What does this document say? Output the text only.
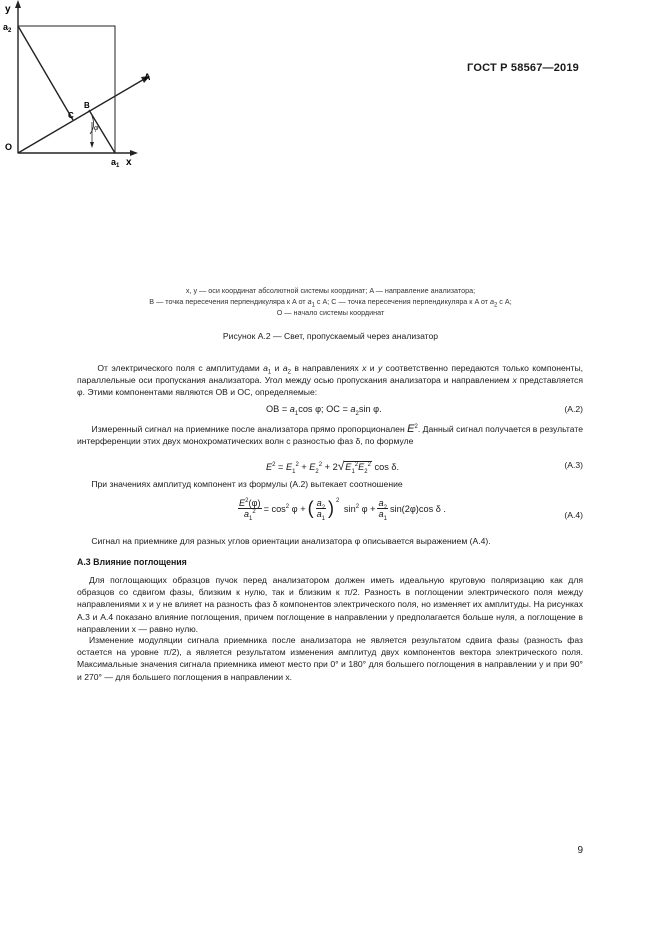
ГОСТ Р 58567—2019
y
$a_2$
A
B
C
φ
O
$a_1$ x
x, y — оси координат абсолютной системы координат; A — направление анализатора;
B — точка пересечения перпендикуляра к A от $a_1$ с A; C — точка пересечения перпендикуляра к A от $a_2$ с A;
O — начало системы координат
Рисунок А.2 — Свет, пропускаемый через анализатор
От электрического поля с амплитудами $a_1$ и $a_2$ в направлениях x и y соответственно передаются только компоненты, параллельные оси пропускания анализатора. Угол между осью пропускания анализатора и направлением x представляется φ. Этими компонентами являются OB и OC, определяемые:
OB = $a_1\cos$ φ; OC = $a_2\sin$ φ.	(A.2)
Измеренный сигнал на приемнике после анализатора прямо пропорционален $E^2$. Данный сигнал получается в результате интерференции этих двух монохроматических волн с разностью фаз δ, по формуле
$E^2 = E_1^2 + E_2^2 + 2√E_1^2E_2^2$ cos δ.	(A.3)
При значениях амплитуд компонент из формулы (А.2) вытекает соотношение
$\frac{E^2(\varphi)}{a_1^2} = \cos^2 \varphi$ + ( $\frac{a_2}{a_1}$ ) $^2$
$\sin^2 \varphi + \frac{a_2}{a_1} \sin(2\varphi)\cos$ δ .
(A.4)
Сигнал на приемнике для разных углов ориентации анализатора φ описывается выражением (А.4).
А.3 Влияние поглощения
Для поглощающих образцов пучок перед анализатором должен иметь идеальную круговую поляризацию как для образцов со сдвигом фазы, близким к нулю, так и близким к π/2. Разность в поглощении электрического поля между направлениями x и y не влияет на разность фаз δ компонентов электрического поля, но изменяет их амплитуды. На рисунках А.3 и А.4 показано влияние поглощения, причем поглощение в направлении y предполагается больше нуля, а поглощение в направлении x — равно нулю.
Изменение модуляции сигнала приемника после анализатора не является результатом сдвига фазы (разность фаз остается на уровне π/2), а является результатом изменения амплитуд двух компонентов вектора электрического поля. Максимальные значения сигнала приемника имеют место при 0° и 180° для большего поглощения в направлении y и при 90° и 270° — для большего поглощения в направлении x.
9
